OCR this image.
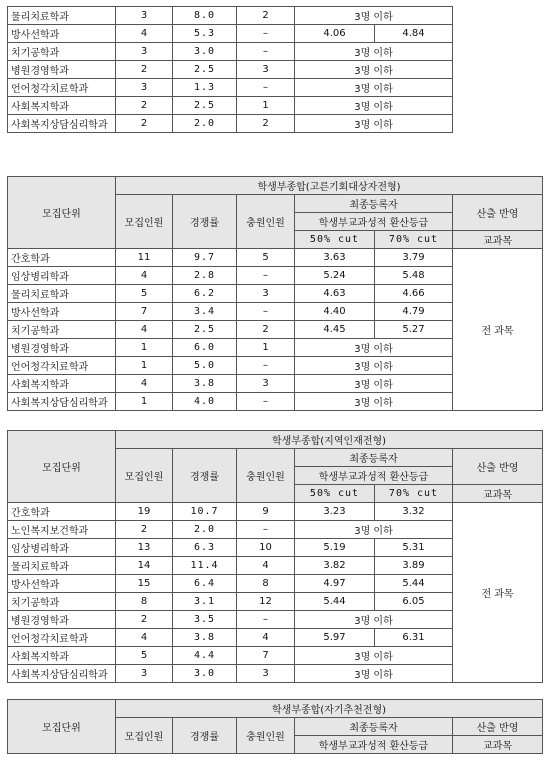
물리치료학과	3	8.0	2	3명 이하		
방사선학과	4	5.3	–	4.06	4.84	
치기공학과	3	3.0	–	3명 이하		
병원경영학과	2	2.5	3	3명 이하		
언어청각치료학과	3	1.3	–	3명 이하		
사회복지학과	2	2.5	1	3명 이하		
사회복지상담심리학과	2	2.0	2	3명 이하		
모집단위	학생부종합(고른기회대상자전형)					
	모집인원	경쟁률	충원인원	최종등록자		산출 반영
				학생부교과성적 환산등급		
				50% cut	70% cut	교과목
간호학과	11	9.7	5	3.63	3.79	전 과목
임상병리학과	4	2.8	–	5.24	5.48	
물리치료학과	5	6.2	3	4.63	4.66	
방사선학과	7	3.4	–	4.40	4.79	
치기공학과	4	2.5	2	4.45	5.27	
병원경영학과	1	6.0	1	3명 이하		
언어청각치료학과	1	5.0	–	3명 이하		
사회복지학과	4	3.8	3	3명 이하		
사회복지상담심리학과	1	4.0	–	3명 이하		
모집단위	학생부종합(지역인재전형)					
	모집인원	경쟁률	충원인원	최종등록자		산출 반영
				학생부교과성적 환산등급		
				50% cut	70% cut	교과목
간호학과	19	10.7	9	3.23	3.32	전 과목
노인복지보건학과	2	2.0	–	3명 이하		
임상병리학과	13	6.3	10	5.19	5.31	
물리치료학과	14	11.4	4	3.82	3.89	
방사선학과	15	6.4	8	4.97	5.44	
치기공학과	8	3.1	12	5.44	6.05	
병원경영학과	2	3.5	–	3명 이하		
언어청각치료학과	4	3.8	4	5.97	6.31	
사회복지학과	5	4.4	7	3명 이하		
사회복지상담심리학과	3	3.0	3	3명 이하		
모집단위	학생부종합(자기추천전형)				
	모집인원	경쟁률	충원인원	최종등록자	산출 반영
				학생부교과성적 환산등급	교과목
